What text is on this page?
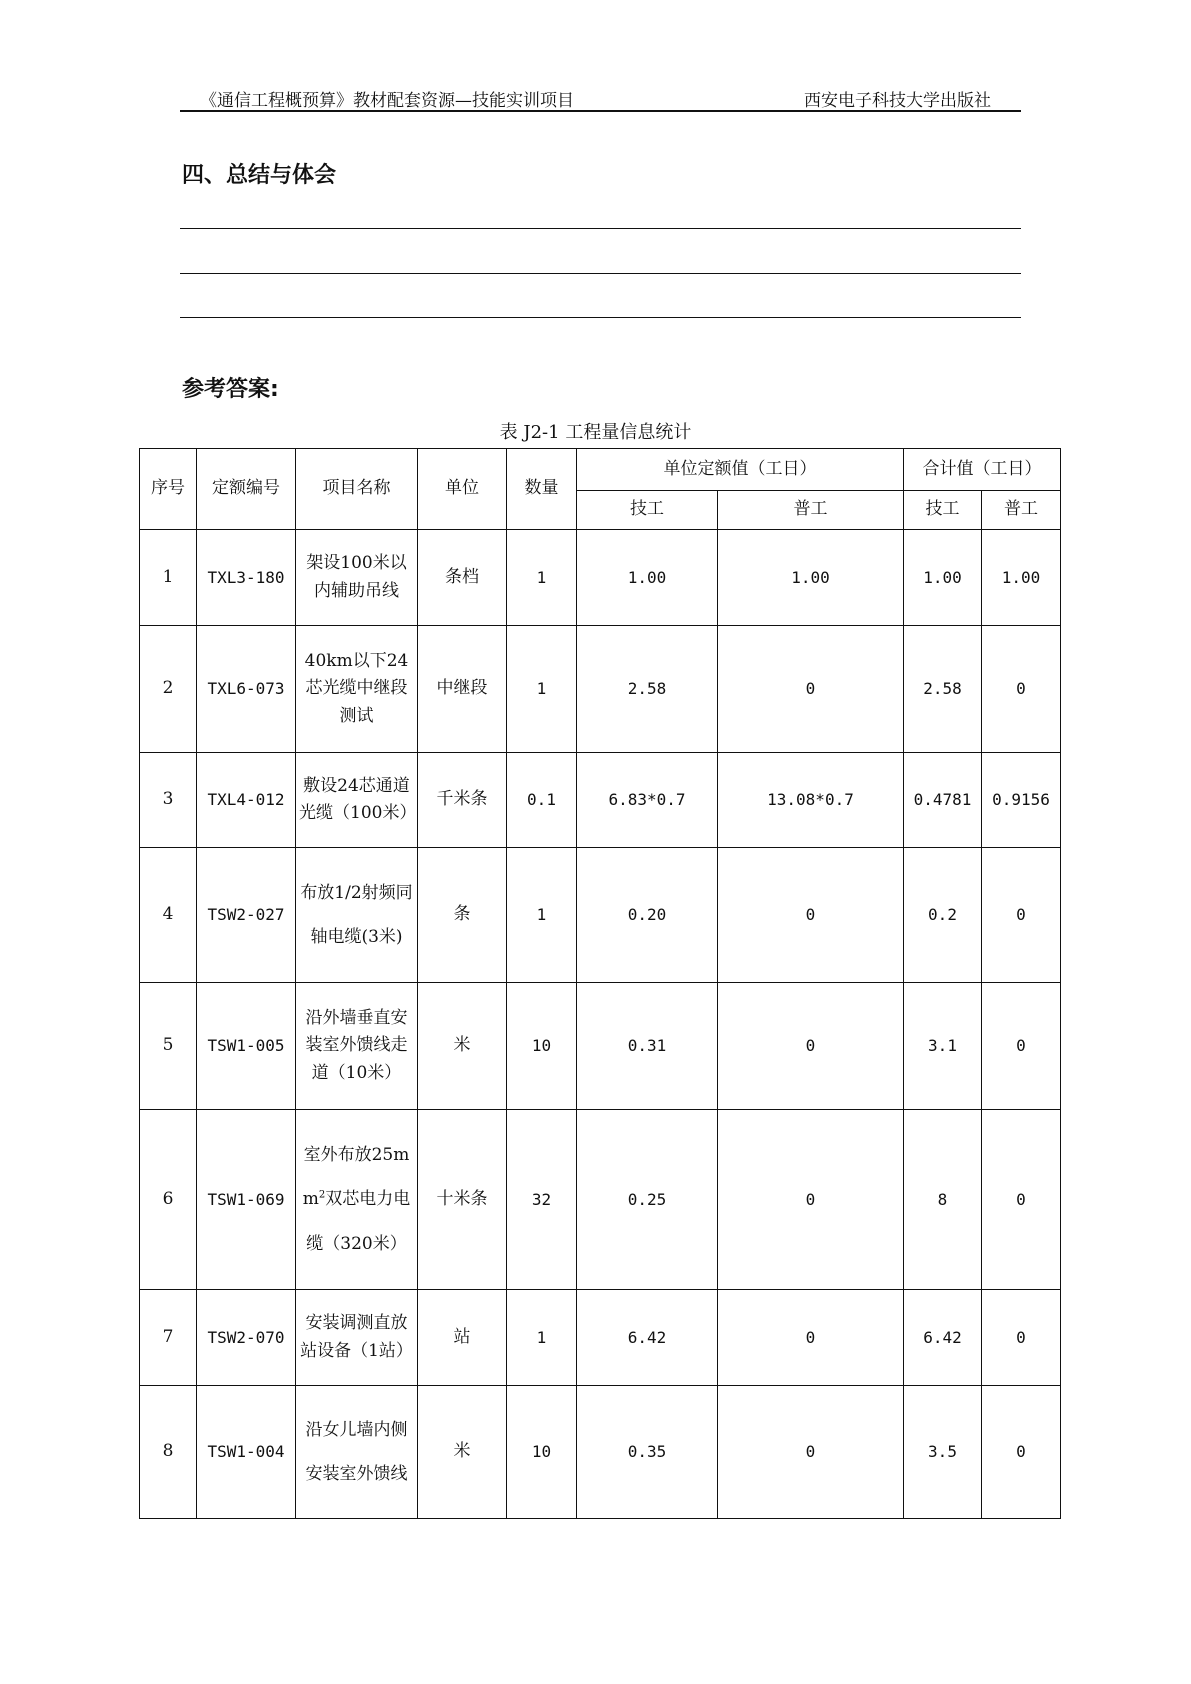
《通信工程概预算》教材配套资源—技能实训项目	西安电子科技大学出版社
四、总结与体会
参考答案:
表 J2-1 工程量信息统计
序号	定额编号	项目名称	单位	数量	单位定额值（工日）		合计值（工日）	
					技工	普工	技工	普工
1	TXL3-180	架设100米以内辅助吊线	条档	1	1.00	1.00	1.00	1.00
2	TXL6-073	40km以下24芯光缆中继段测试	中继段	1	2.58	0	2.58	0
3	TXL4-012	敷设24芯通道光缆（100米）	千米条	0.1	6.83*0.7	13.08*0.7	0.4781	0.9156
4	TSW2-027	布放1/2射频同轴电缆(3米)	条	1	0.20	0	0.2	0
5	TSW1-005	沿外墙垂直安装室外馈线走道（10米）	米	10	0.31	0	3.1	0
6	TSW1-069	室外布放$25mm^2$双芯电力电缆（320米）	十米条	32	0.25	0	8	0
7	TSW2-070	安装调测直放站设备（1站）	站	1	6.42	0	6.42	0
8	TSW1-004	沿女儿墙内侧安装室外馈线	米	10	0.35	0	3.5	0
